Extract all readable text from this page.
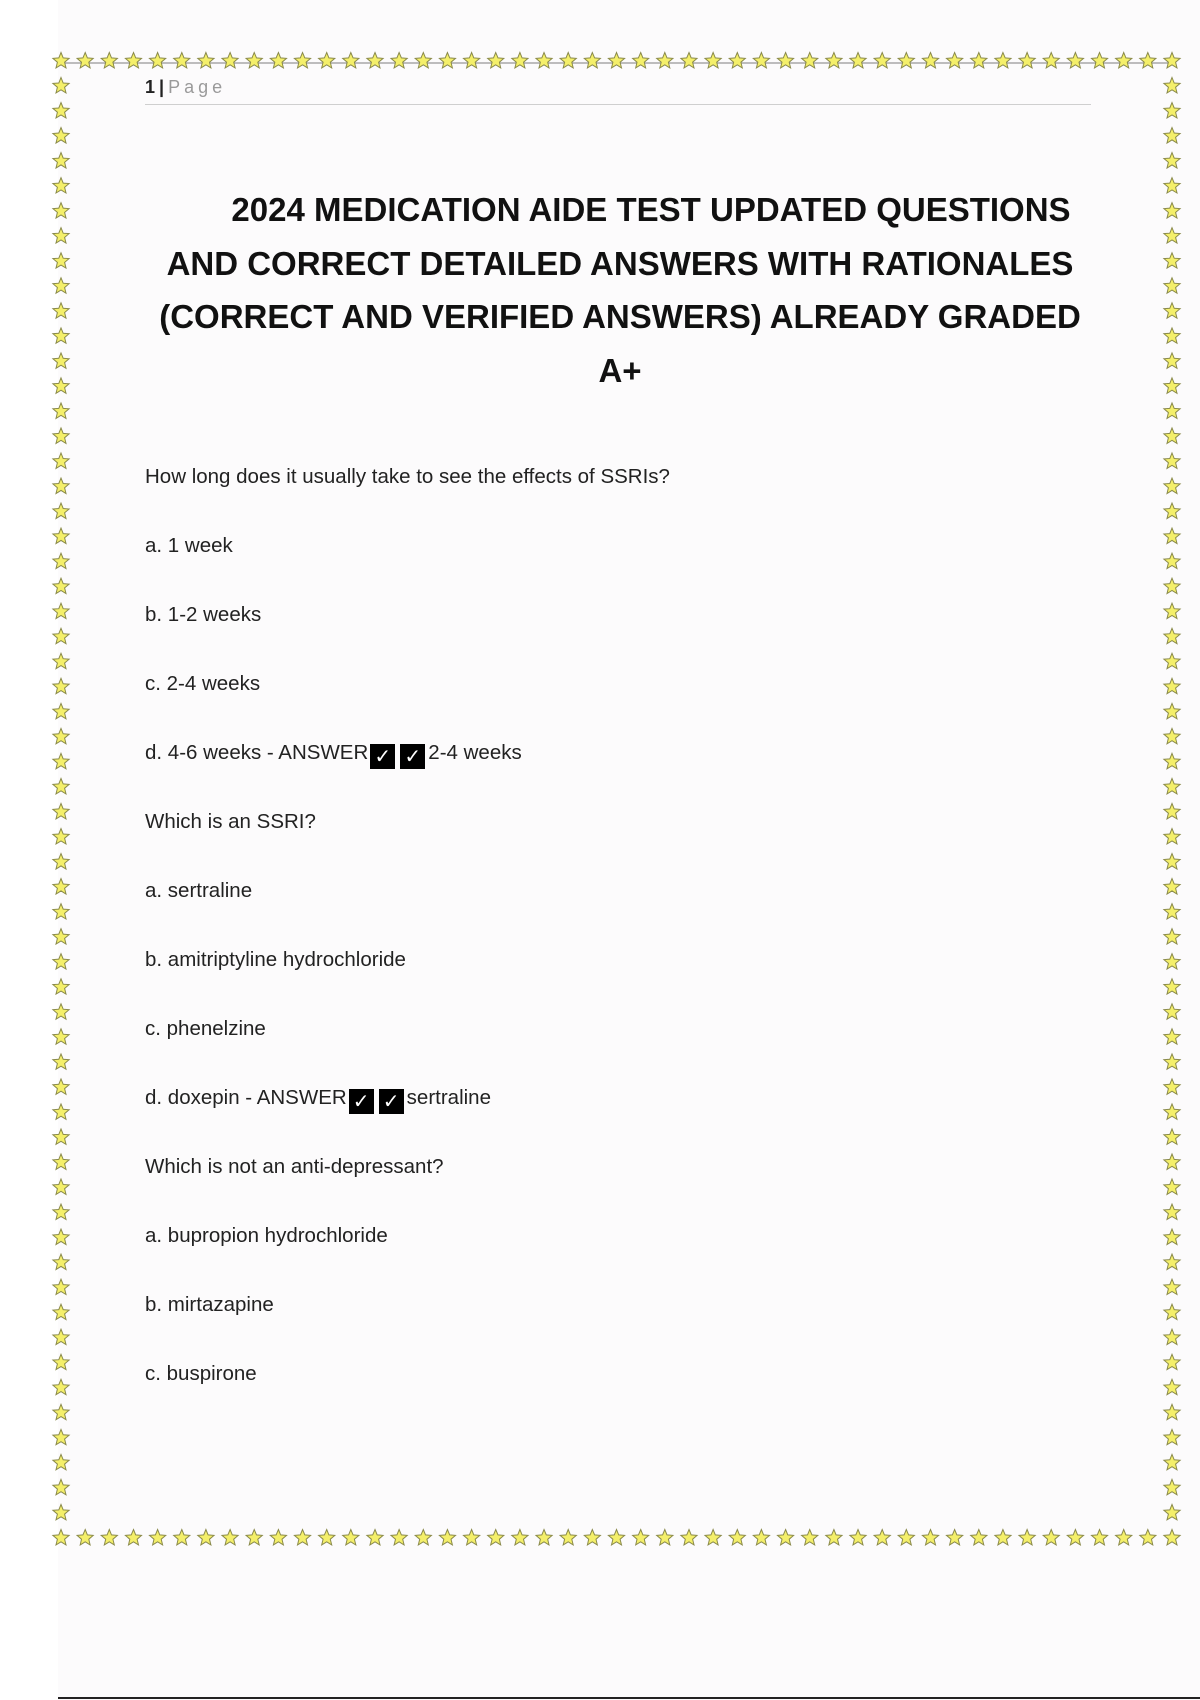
1 | Page
2024 MEDICATION AIDE TEST UPDATED QUESTIONS
AND CORRECT DETAILED ANSWERS WITH RATIONALES
(CORRECT AND VERIFIED ANSWERS) ALREADY GRADED
A+
How long does it usually take to see the effects of SSRIs?
a. 1 week
b. 1-2 weeks
c. 2-4 weeks
d. 4-6 weeks - ANSWER ✓ ✓ 2-4 weeks
Which is an SSRI?
a. sertraline
b. amitriptyline hydrochloride
c. phenelzine
d. doxepin - ANSWER ✓ ✓ sertraline
Which is not an anti-depressant?
a. bupropion hydrochloride
b. mirtazapine
c. buspirone
